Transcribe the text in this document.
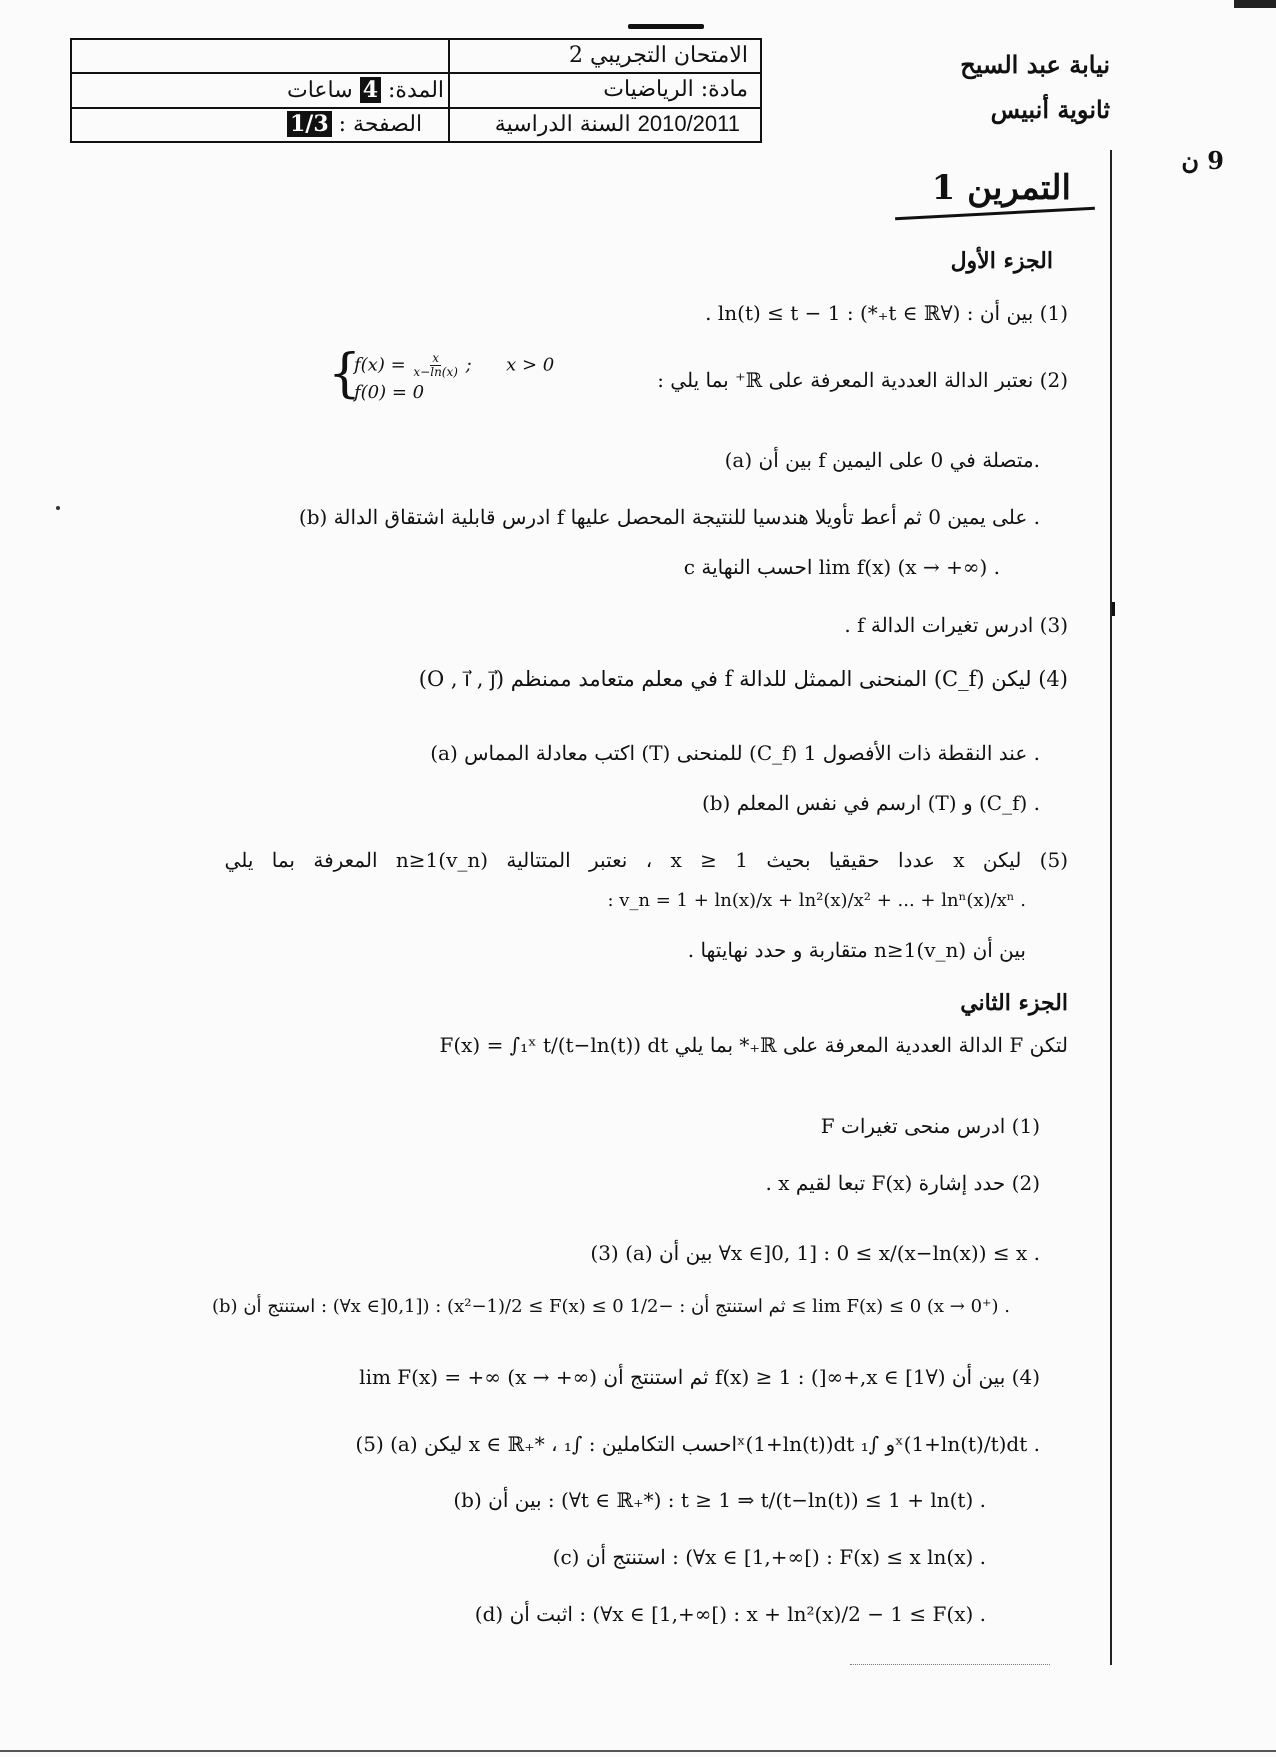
الامتحان التجريبي 2
مادة: الرياضيات
السنة الدراسية 2010/2011
المدة: 4 ساعات
الصفحة : 1/3
نيابة عبد السيح
ثانوية أنبيس
9 ن
التمرين 1
الجزء الأول
(1) بين أن : (∀t ∈ ℝ₊*) : ln(t) ≤ t − 1 .
(2) نعتبر الدالة العددية المعرفة على ℝ⁺ بما يلي :
{
$f(x) = \frac{x}{x-\ln(x)}$ ;      x > 0
f(0) = 0
(a) بين أن f متصلة في 0 على اليمين.
(b) ادرس قابلية اشتقاق الدالة f على يمين 0 ثم أعط تأويلا هندسيا للنتيجة المحصل عليها .
c احسب النهاية lim f(x) (x → +∞) .
(3) ادرس تغيرات الدالة f .
(4) ليكن (C_f) المنحنى الممثل للدالة f في معلم متعامد ممنظم (O , i⃗ , j⃗)
(a) اكتب معادلة المماس (T) للمنحنى (C_f) عند النقطة ذات الأفصول 1 .
(b) ارسم في نفس المعلم (T) و (C_f) .
(5) ليكن x عددا حقيقيا بحيث x ≥ 1 ، نعتبر المتتالية (v_n)n≥1 المعرفة بما يلي
: v_n = 1 + ln(x)/x + ln²(x)/x² + ... + lnⁿ(x)/xⁿ .
بين أن (v_n)n≥1 متقاربة و حدد نهايتها .
الجزء الثاني
لتكن F الدالة العددية المعرفة على ℝ₊* بما يلي F(x) = ∫₁ˣ t/(t−ln(t)) dt
(1) ادرس منحى تغيرات F
(2) حدد إشارة F(x) تبعا لقيم x .
(3) (a) بين أن ∀x ∈]0, 1] : 0 ≤ x/(x−ln(x)) ≤ x .
(b) استنتج أن : (∀x ∈]0,1]) : (x²−1)/2 ≤ F(x) ≤ 0 ثم استنتج أن : −1/2 ≤ lim F(x) ≤ 0 (x → 0⁺) .
(4) بين أن (∀x ∈ [1,+∞[) : f(x) ≥ 1 ثم استنتج أن lim F(x) = +∞ (x → +∞)
(5) (a) ليكن x ∈ ℝ₊* ، احسب التكاملين : ∫₁ˣ(1+ln(t))dt و ∫₁ˣ(1+ln(t)/t)dt .
(b) بين أن : (∀t ∈ ℝ₊*) : t ≥ 1 ⇒ t/(t−ln(t)) ≤ 1 + ln(t) .
(c) استنتج أن : (∀x ∈ [1,+∞[) : F(x) ≤ x ln(x) .
(d) اثبت أن : (∀x ∈ [1,+∞[) : x + ln²(x)/2 − 1 ≤ F(x) .
